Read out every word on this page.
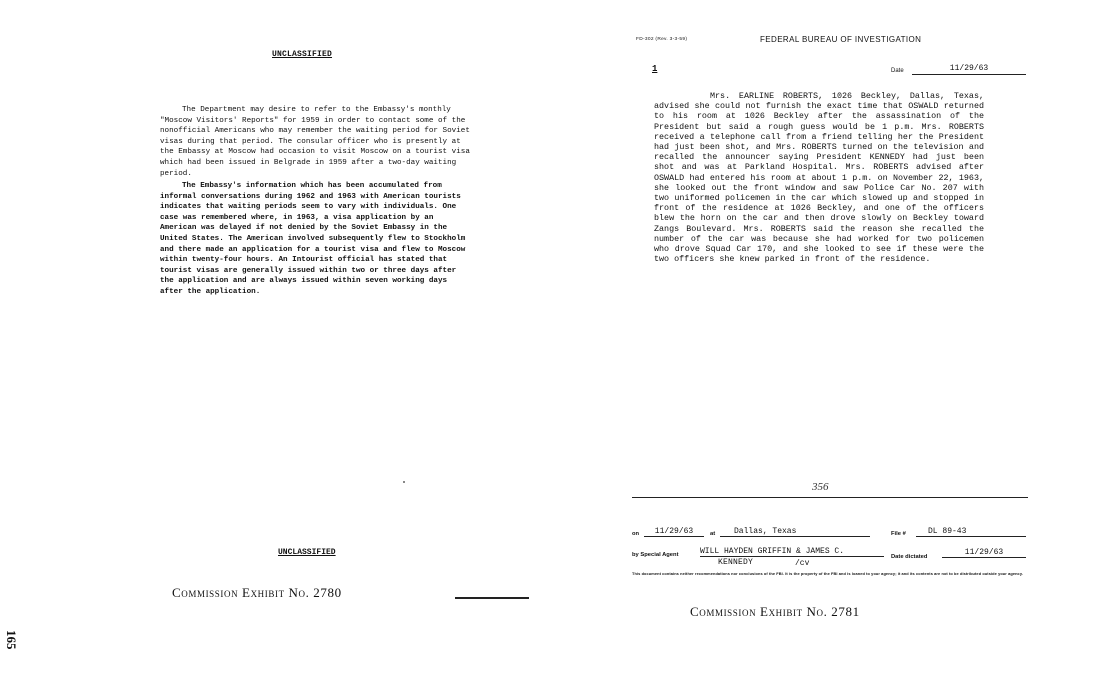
UNCLASSIFIED

The Department may desire to refer to the Embassy's monthly "Moscow Visitors' Reports" for 1959 in order to contact some of the nonofficial Americans who may remember the waiting period for Soviet visas during that period. The consular officer who is presently at the Embassy at Moscow had occasion to visit Moscow on a tourist visa which had been issued in Belgrade in 1959 after a two-day waiting period.

The Embassy's information which has been accumulated from informal conversations during 1962 and 1963 with American tourists indicates that waiting periods seem to vary with individuals. One case was remembered where, in 1963, a visa application by an American was delayed if not denied by the Soviet Embassy in the United States. The American involved subsequently flew to Stockholm and there made an application for a tourist visa and flew to Moscow within twenty-four hours. An Intourist official has stated that tourist visas are generally issued within two or three days after the application and are always issued within seven working days after the application.

UNCLASSIFIED
Commission Exhibit No. 2780
165
FD-302 (Rev. 3-3-59)	FEDERAL BUREAU OF INVESTIGATION
1	Date	11/29/63

Mrs. EARLINE ROBERTS, 1026 Beckley, Dallas, Texas, advised she could not furnish the exact time that OSWALD returned to his room at 1026 Beckley after the assassination of the President but said a rough guess would be 1 p.m. Mrs. ROBERTS received a telephone call from a friend telling her the President had just been shot, and Mrs. ROBERTS turned on the television and recalled the announcer saying President KENNEDY had just been shot and was at Parkland Hospital. Mrs. ROBERTS advised after OSWALD had entered his room at about 1 p.m. on November 22, 1963, she looked out the front window and saw Police Car No. 207 with two uniformed policemen in the car which slowed up and stopped in front of the residence at 1026 Beckley, and one of the officers blew the horn on the car and then drove slowly on Beckley toward Zangs Boulevard. Mrs. ROBERTS said the reason she recalled the number of the car was because she had worked for two policemen who drove Squad Car 170, and she looked to see if these were the two officers she knew parked in front of the residence.

356
on	11/29/63	at	Dallas, Texas	File #	DL 89-43
by Special Agent	WILL HAYDEN GRIFFIN & JAMES C.
KENNEDY	/cv
Date dictated	11/29/63
This document contains neither recommendations nor conclusions of the FBI. It is the property of the FBI and is loaned to your agency; it and its contents are not to be distributed outside your agency.
Commission Exhibit No. 2781
